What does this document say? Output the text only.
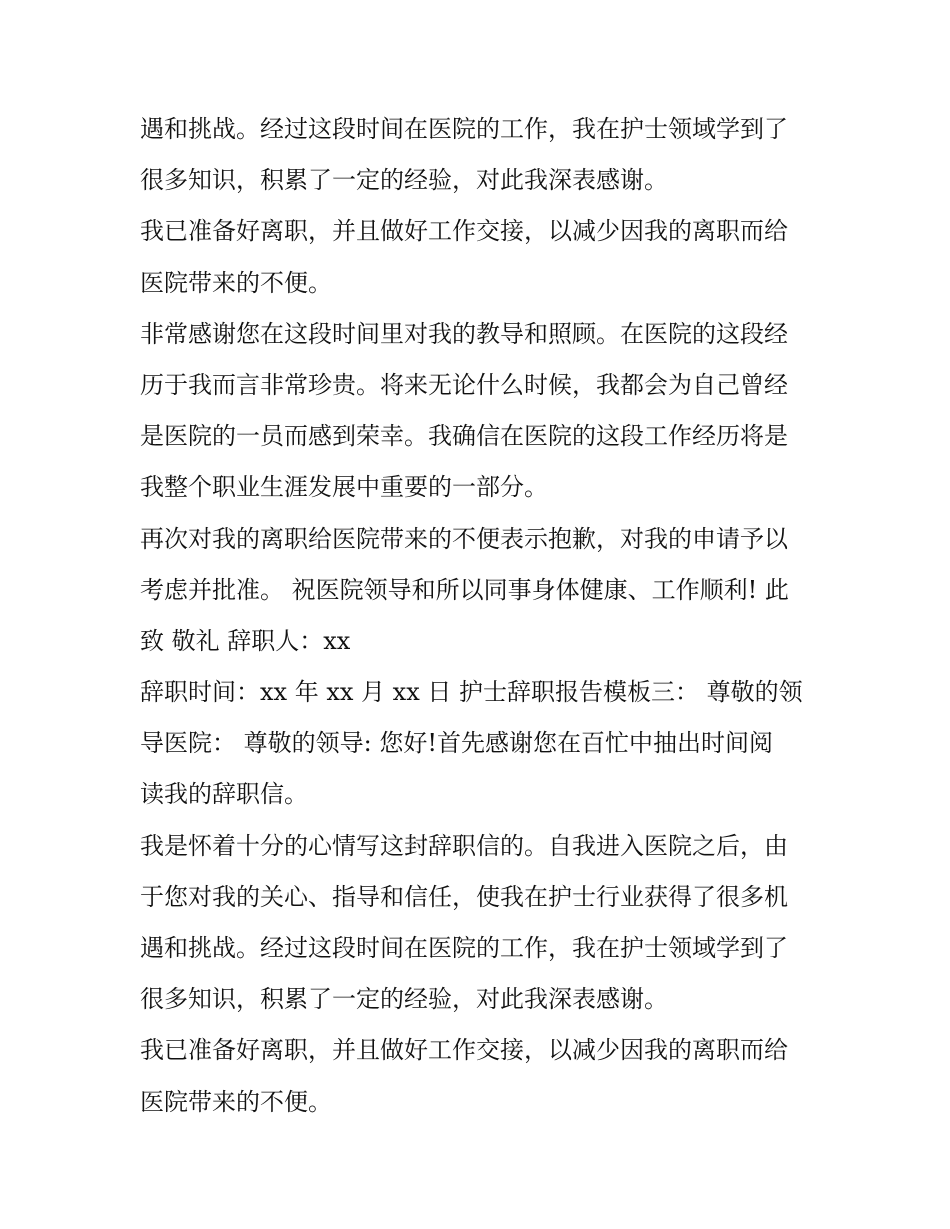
遇和挑战。经过这段时间在医院的工作，我在护士领域学到了
很多知识，积累了一定的经验，对此我深表感谢。
我已准备好离职，并且做好工作交接，以减少因我的离职而给
医院带来的不便。
非常感谢您在这段时间里对我的教导和照顾。在医院的这段经
历于我而言非常珍贵。将来无论什么时候，我都会为自己曾经
是医院的一员而感到荣幸。我确信在医院的这段工作经历将是
我整个职业生涯发展中重要的一部分。
再次对我的离职给医院带来的不便表示抱歉，对我的申请予以
考虑并批准。 祝医院领导和所以同事身体健康、工作顺利! 此
致 敬礼 辞职人：xx
辞职时间：xx 年 xx 月 xx 日 护士辞职报告模板三： 尊敬的领
导医院： 尊敬的领导: 您好!首先感谢您在百忙中抽出时间阅
读我的辞职信。
我是怀着十分的心情写这封辞职信的。自我进入医院之后，由
于您对我的关心、指导和信任，使我在护士行业获得了很多机
遇和挑战。经过这段时间在医院的工作，我在护士领域学到了
很多知识，积累了一定的经验，对此我深表感谢。
我已准备好离职，并且做好工作交接，以减少因我的离职而给
医院带来的不便。
